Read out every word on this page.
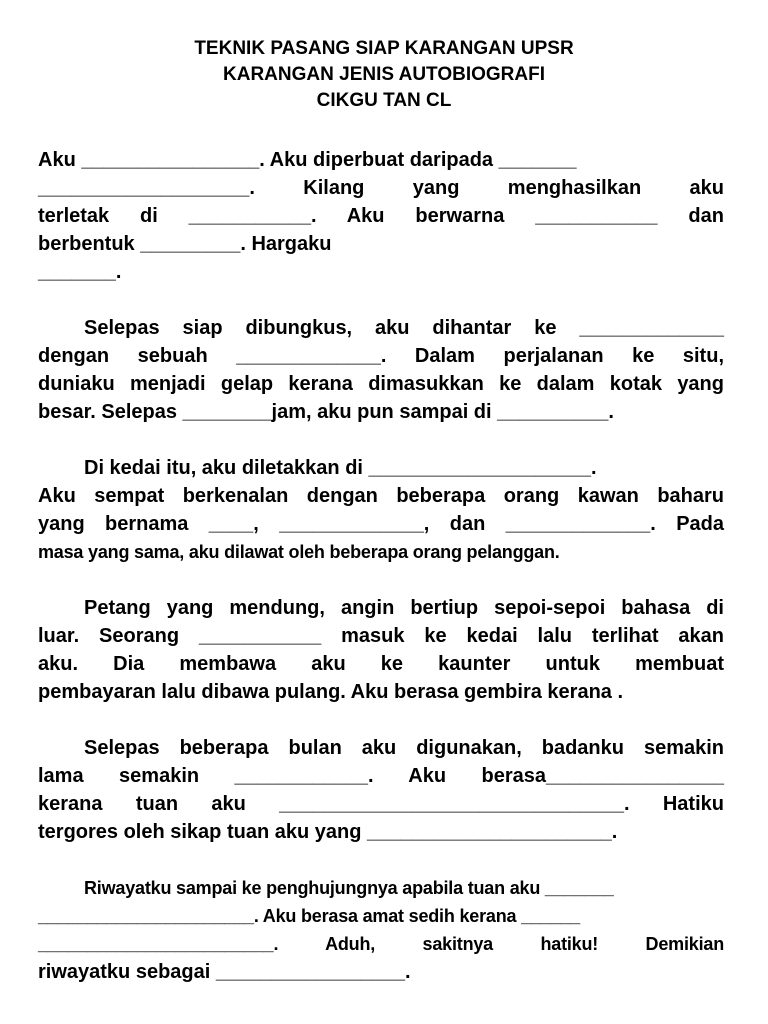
TEKNIK PASANG SIAP KARANGAN UPSR
KARANGAN JENIS AUTOBIOGRAFI
CIKGU TAN CL
Aku ________________. Aku diperbuat daripada _______
___________________. Kilang yang menghasilkan aku
terletak di ___________. Aku berwarna ___________ dan
berbentuk _________. Hargaku
_______.
Selepas siap dibungkus, aku dihantar ke _____________
dengan sebuah _____________. Dalam perjalanan ke situ,
duniaku menjadi gelap kerana dimasukkan ke dalam kotak yang
besar. Selepas ________jam, aku pun sampai di __________.
Di kedai itu, aku diletakkan di ____________________.
Aku sempat berkenalan dengan beberapa orang kawan baharu
yang bernama ____, _____________, dan _____________. Pada
masa yang sama, aku dilawat oleh beberapa orang pelanggan.
Petang yang mendung, angin bertiup sepoi-sepoi bahasa di
luar. Seorang ___________ masuk ke kedai lalu terlihat akan
aku. Dia membawa aku ke kaunter untuk membuat
pembayaran lalu dibawa pulang. Aku berasa gembira kerana .
Selepas beberapa bulan aku digunakan, badanku semakin
lama semakin ____________. Aku berasa________________
kerana tuan aku _______________________________. Hatiku
tergores oleh sikap tuan aku yang ______________________.
Riwayatku sampai ke penghujungnya apabila tuan aku _______
______________________. Aku berasa amat sedih kerana ______
________________________. Aduh, sakitnya hatiku! Demikian
riwayatku sebagai _________________.
